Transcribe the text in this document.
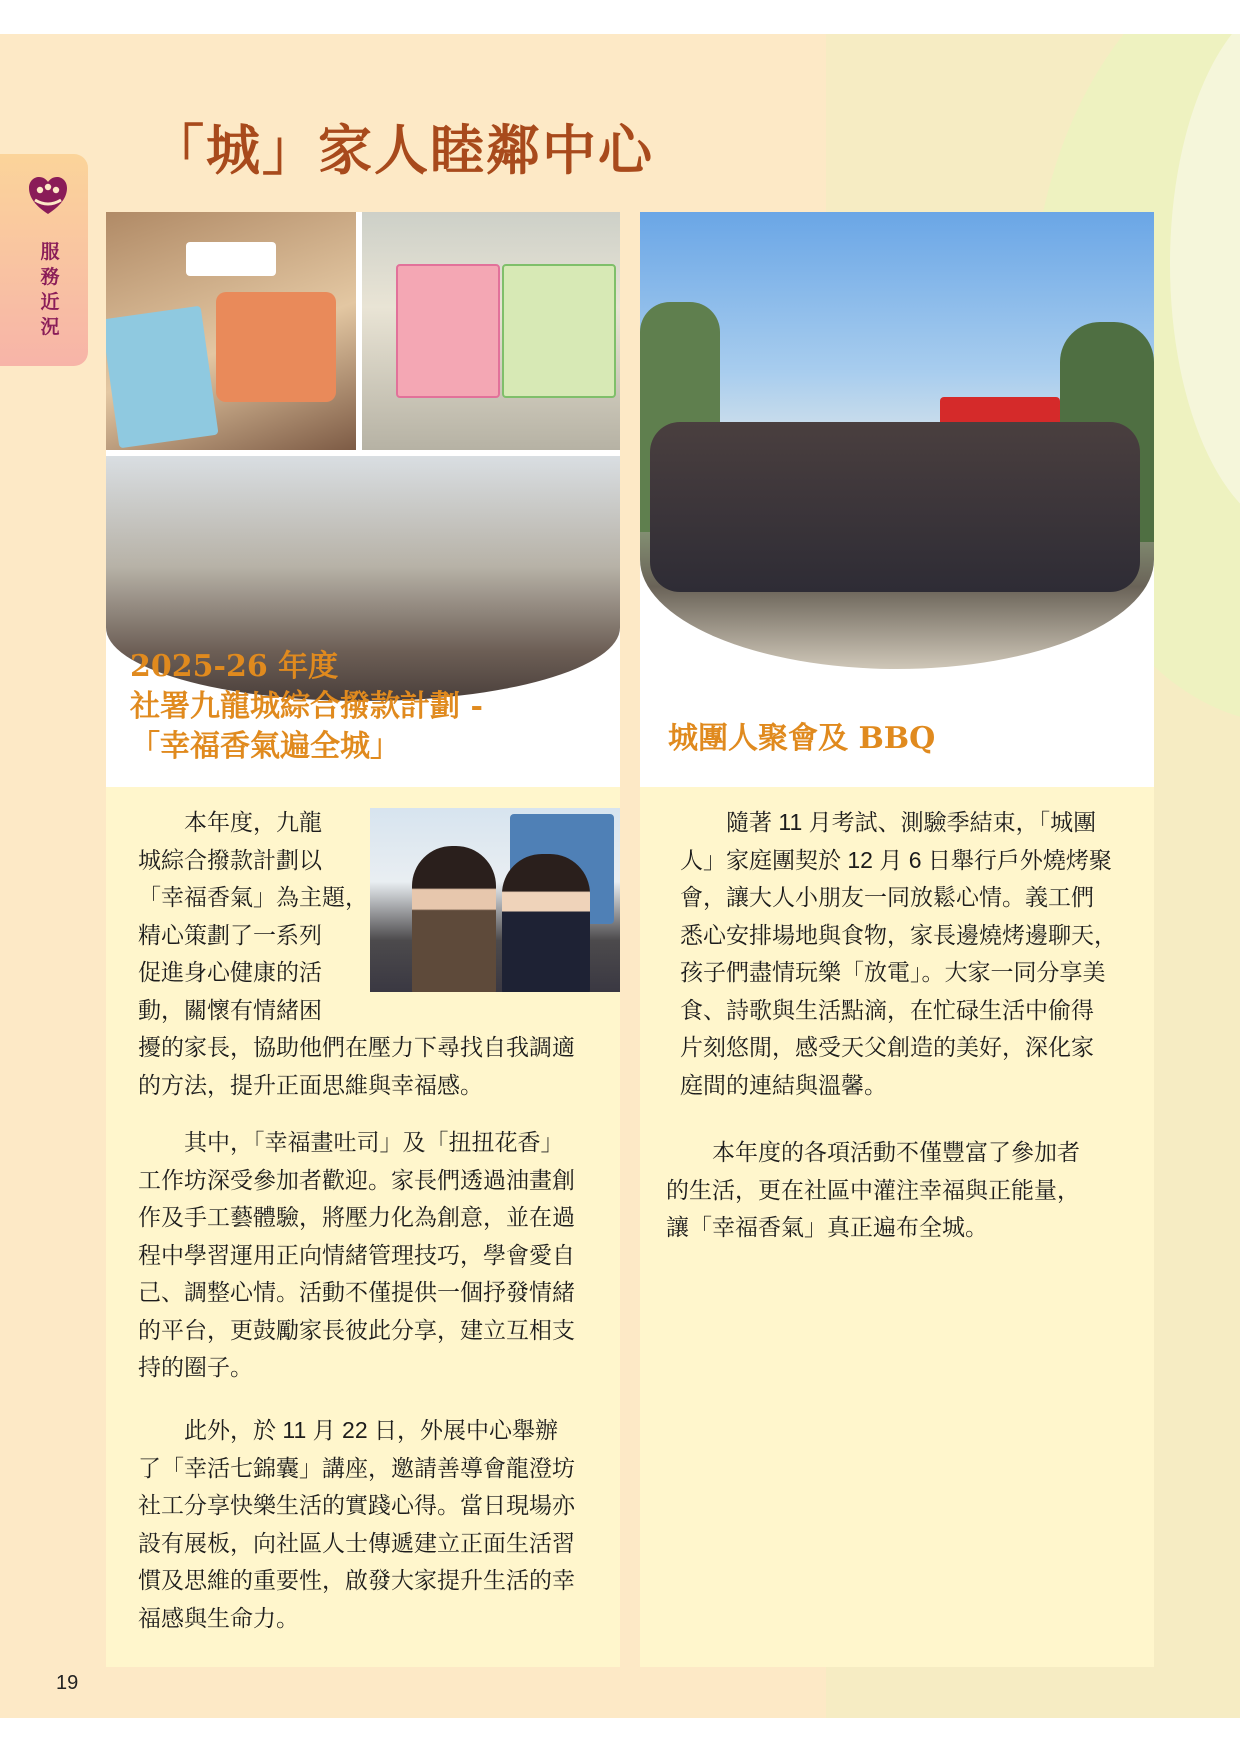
「城」家人睦鄰中心
服務近況

2025-26 年度

社署九龍城綜合撥款計劃 -

「幸福香氣遍全城」

本年度，九龍
城綜合撥款計劃以
「幸福香氣」為主題，
精心策劃了一系列
促進身心健康的活
動，關懷有情緒困
擾的家長，協助他們在壓力下尋找自我調適
的方法，提升正面思維與幸福感。
其中，「幸福畫吐司」及「扭扭花香」
工作坊深受參加者歡迎。家長們透過油畫創
作及手工藝體驗，將壓力化為創意，並在過
程中學習運用正向情緒管理技巧，學會愛自
己、調整心情。活動不僅提供一個抒發情緒
的平台，更鼓勵家長彼此分享，建立互相支
持的圈子。
此外，於 11 月 22 日，外展中心舉辦
了「幸活七錦囊」講座，邀請善導會龍澄坊
社工分享快樂生活的實踐心得。當日現場亦
設有展板，向社區人士傳遞建立正面生活習
慣及思維的重要性，啟發大家提升生活的幸
福感與生命力。

城團人聚會及 BBQ

隨著 11 月考試、測驗季結束，「城團
人」家庭團契於 12 月 6 日舉行戶外燒烤聚
會，讓大人小朋友一同放鬆心情。義工們
悉心安排場地與食物，家長邊燒烤邊聊天，
孩子們盡情玩樂「放電」。大家一同分享美
食、詩歌與生活點滴，在忙碌生活中偷得
片刻悠閒，感受天父創造的美好，深化家
庭間的連結與溫馨。
本年度的各項活動不僅豐富了參加者
的生活，更在社區中灌注幸福與正能量，
讓「幸福香氣」真正遍布全城。
19
